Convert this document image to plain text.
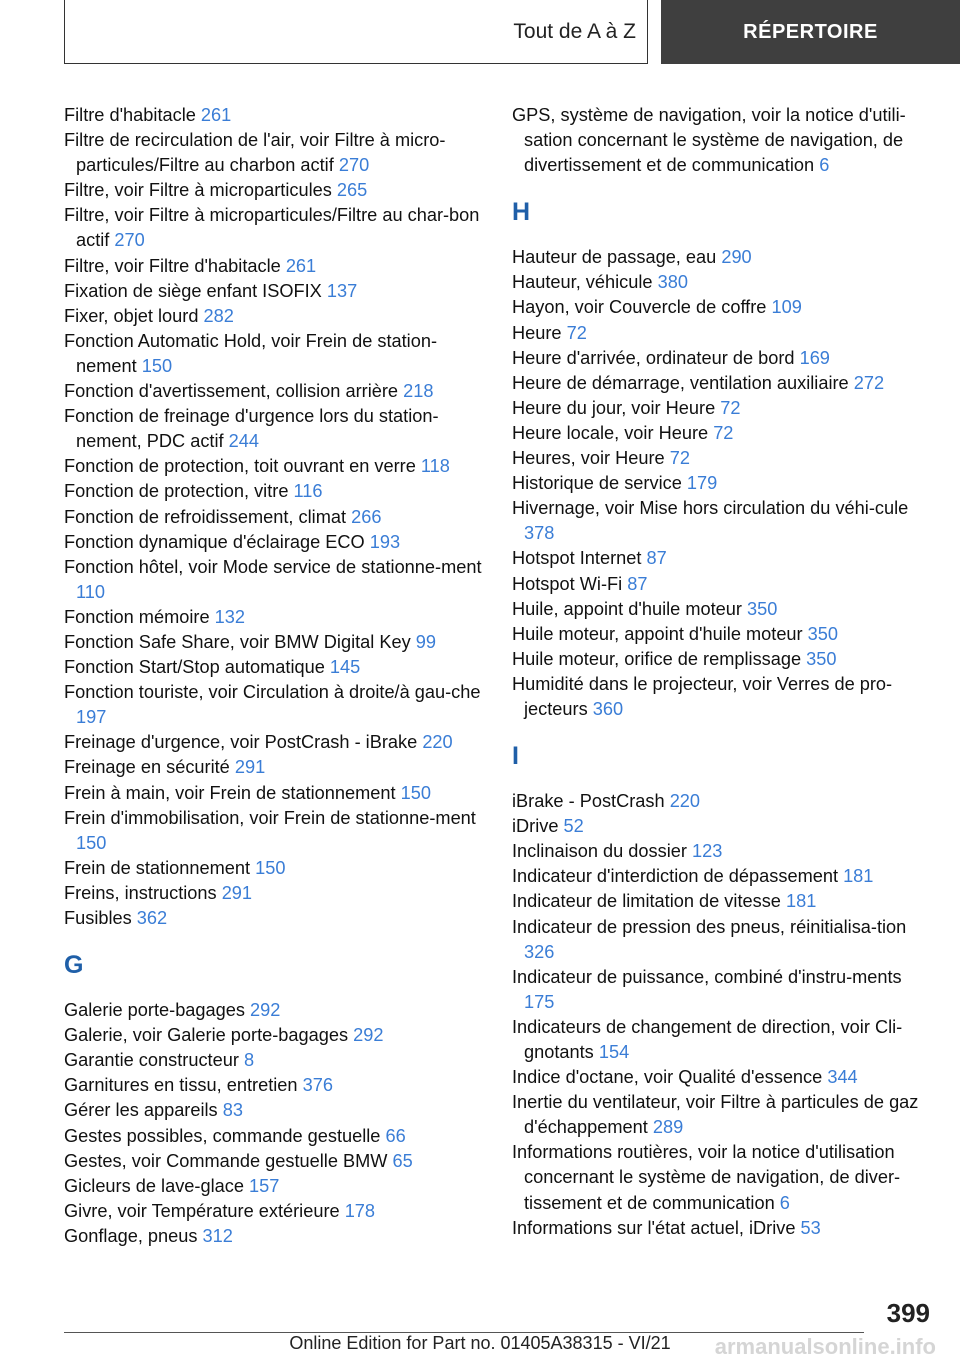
Tout de A à Z	RÉPERTOIRE
Filtre d'habitacle 261
Filtre de recirculation de l'air, voir Filtre à micro-particules/Filtre au charbon actif 270
Filtre, voir Filtre à microparticules 265
Filtre, voir Filtre à microparticules/Filtre au char-bon actif 270
Filtre, voir Filtre d'habitacle 261
Fixation de siège enfant ISOFIX 137
Fixer, objet lourd 282
Fonction Automatic Hold, voir Frein de station-nement 150
Fonction d'avertissement, collision arrière 218
Fonction de freinage d'urgence lors du station-nement, PDC actif 244
Fonction de protection, toit ouvrant en verre 118
Fonction de protection, vitre 116
Fonction de refroidissement, climat 266
Fonction dynamique d'éclairage ECO 193
Fonction hôtel, voir Mode service de stationne-ment 110
Fonction mémoire 132
Fonction Safe Share, voir BMW Digital Key 99
Fonction Start/Stop automatique 145
Fonction touriste, voir Circulation à droite/à gau-che 197
Freinage d'urgence, voir PostCrash - iBrake 220
Freinage en sécurité 291
Frein à main, voir Frein de stationnement 150
Frein d'immobilisation, voir Frein de stationne-ment 150
Frein de stationnement 150
Freins, instructions 291
Fusibles 362
G
Galerie porte-bagages 292
Galerie, voir Galerie porte-bagages 292
Garantie constructeur 8
Garnitures en tissu, entretien 376
Gérer les appareils 83
Gestes possibles, commande gestuelle 66
Gestes, voir Commande gestuelle BMW 65
Gicleurs de lave-glace 157
Givre, voir Température extérieure 178
Gonflage, pneus 312
GPS, système de navigation, voir la notice d'utili-sation concernant le système de navigation, de divertissement et de communication 6
H
Hauteur de passage, eau 290
Hauteur, véhicule 380
Hayon, voir Couvercle de coffre 109
Heure 72
Heure d'arrivée, ordinateur de bord 169
Heure de démarrage, ventilation auxiliaire 272
Heure du jour, voir Heure 72
Heure locale, voir Heure 72
Heures, voir Heure 72
Historique de service 179
Hivernage, voir Mise hors circulation du véhi-cule 378
Hotspot Internet 87
Hotspot Wi-Fi 87
Huile, appoint d'huile moteur 350
Huile moteur, appoint d'huile moteur 350
Huile moteur, orifice de remplissage 350
Humidité dans le projecteur, voir Verres de pro-jecteurs 360
I
iBrake - PostCrash 220
iDrive 52
Inclinaison du dossier 123
Indicateur d'interdiction de dépassement 181
Indicateur de limitation de vitesse 181
Indicateur de pression des pneus, réinitialisa-tion 326
Indicateur de puissance, combiné d'instru-ments 175
Indicateurs de changement de direction, voir Cli-gnotants 154
Indice d'octane, voir Qualité d'essence 344
Inertie du ventilateur, voir Filtre à particules de gaz d'échappement 289
Informations routières, voir la notice d'utilisation concernant le système de navigation, de diver-tissement et de communication 6
Informations sur l'état actuel, iDrive 53
399
Online Edition for Part no. 01405A38315 - VI/21	armanualsonline.info
